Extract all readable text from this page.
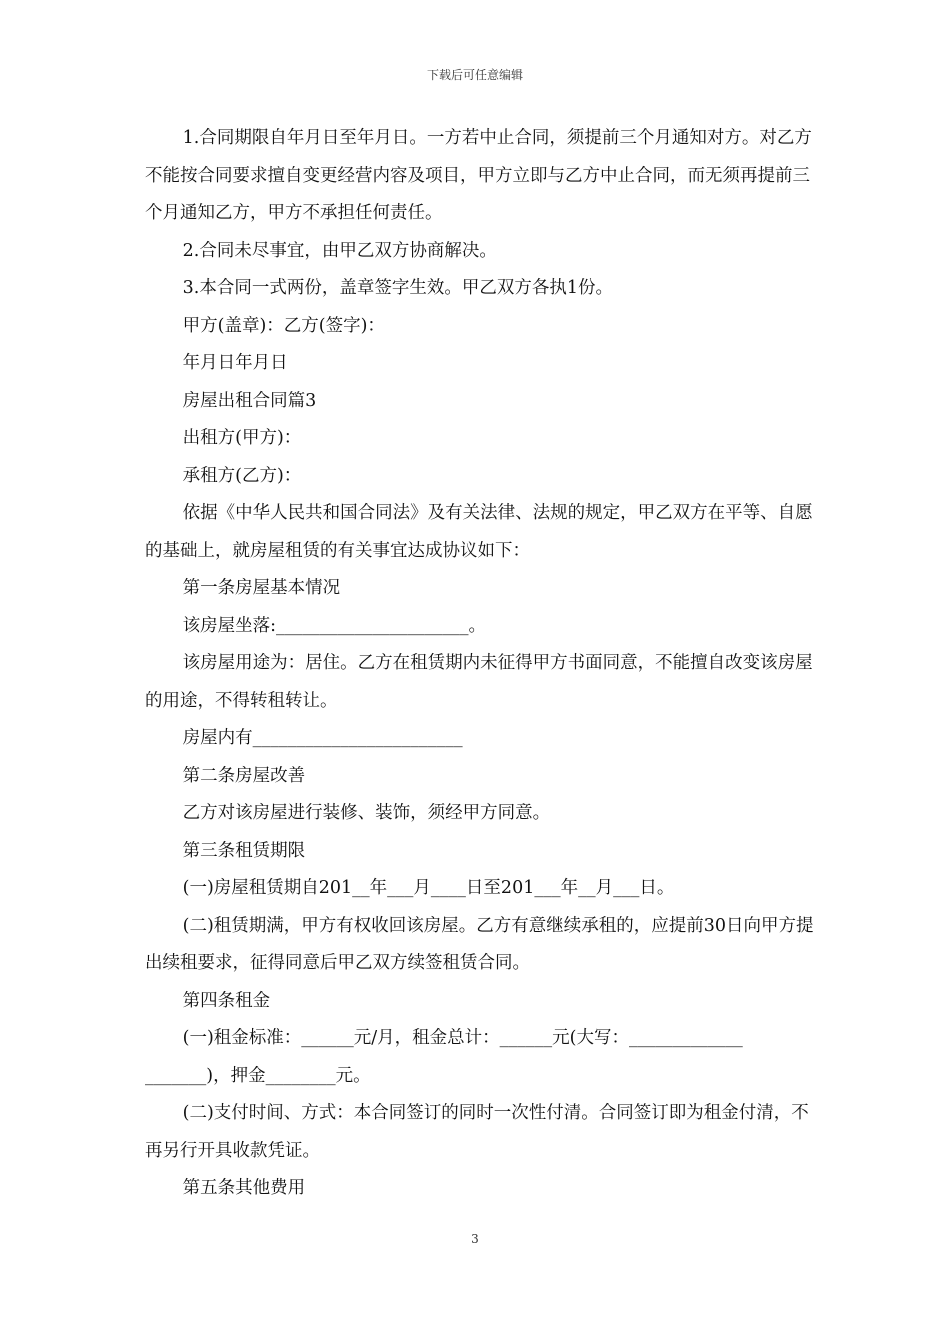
下载后可任意编辑

1.合同期限自年月日至年月日。一方若中止合同，须提前三个月通知对方。对乙方不能按合同要求擅自变更经营内容及项目，甲方立即与乙方中止合同，而无须再提前三个月通知乙方，甲方不承担任何责任。

2.合同未尽事宜，由甲乙双方协商解决。

3.本合同一式两份，盖章签字生效。甲乙双方各执1份。

甲方(盖章)：乙方(签字)：

年月日年月日

房屋出租合同篇3

出租方(甲方)：

承租方(乙方)：

依据《中华人民共和国合同法》及有关法律、法规的规定，甲乙双方在平等、自愿的基础上，就房屋租赁的有关事宜达成协议如下：

第一条房屋基本情况

该房屋坐落:______________________。

该房屋用途为：居住。乙方在租赁期内未征得甲方书面同意，不能擅自改变该房屋的用途，不得转租转让。

房屋内有________________________

第二条房屋改善

乙方对该房屋进行装修、装饰，须经甲方同意。

第三条租赁期限

(一)房屋租赁期自201__年___月____日至201___年__月___日。

(二)租赁期满，甲方有权收回该房屋。乙方有意继续承租的，应提前30日向甲方提出续租要求，征得同意后甲乙双方续签租赁合同。

第四条租金

(一)租金标准：______元/月，租金总计：______元(大写：_____________
_______)，押金________元。

(二)支付时间、方式：本合同签订的同时一次性付清。合同签订即为租金付清，不再另行开具收款凭证。

第五条其他费用

3
